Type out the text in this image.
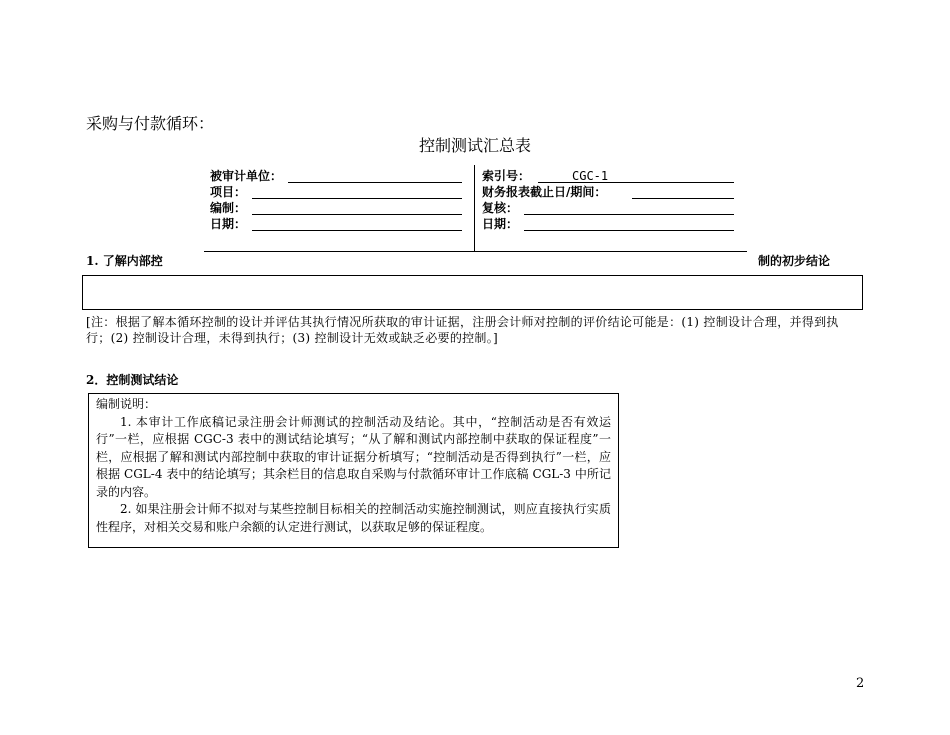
采购与付款循环：
控制测试汇总表
被审计单位：	索引号：	CGC-1
项目：	财务报表截止日/期间：
编制：	复核：
日期：	日期：
1. 了解内部控	制的初步结论
[注：根据了解本循环控制的设计并评估其执行情况所获取的审计证据，注册会计师对控制的评价结论可能是：(1) 控制设计合理，并得到执行；(2) 控制设计合理，未得到执行；(3) 控制设计无效或缺乏必要的控制。]
2．控制测试结论

编制说明：

1. 本审计工作底稿记录注册会计师测试的控制活动及结论。其中，“控制活动是否有效运行”一栏，应根据 CGC-3 表中的测试结论填写；“从了解和测试内部控制中获取的保证程度”一栏，应根据了解和测试内部控制中获取的审计证据分析填写；“控制活动是否得到执行”一栏，应根据 CGL-4 表中的结论填写；其余栏目的信息取自采购与付款循环审计工作底稿 CGL-3 中所记录的内容。

2. 如果注册会计师不拟对与某些控制目标相关的控制活动实施控制测试，则应直接执行实质性程序，对相关交易和账户余额的认定进行测试，以获取足够的保证程度。

2
